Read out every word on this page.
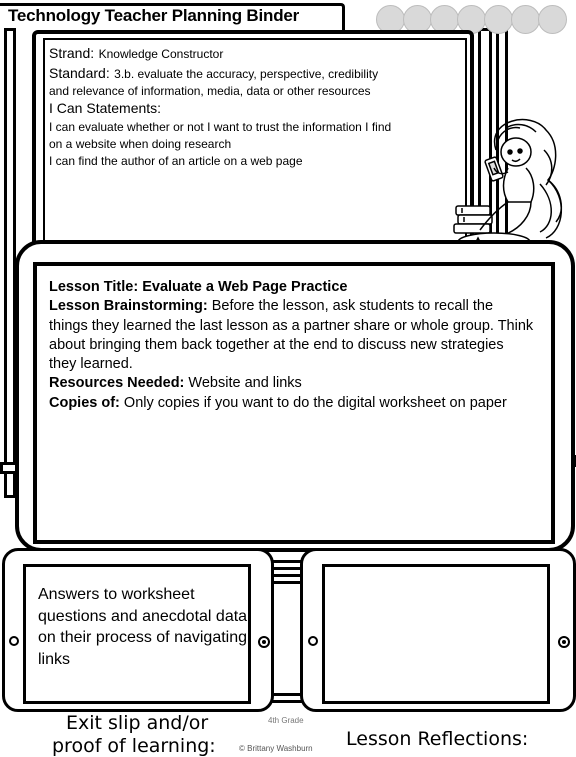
Technology Teacher Planning Binder
Strand: Knowledge Constructor
Standard: 3.b. evaluate the accuracy, perspective, credibility
and relevance of information, media, data or other resources
I Can Statements:
I can evaluate whether or not I want to trust the information I find
on a website when doing research
I can find the author of an article on a web page
Lesson Title: Evaluate a Web Page Practice
Lesson Brainstorming: Before the lesson, ask students to recall the things they learned the last lesson as a partner share or whole group. Think about bringing them back together at the end to discuss new strategies they learned.
Resources Needed: Website and links
Copies of: Only copies if you want to do the digital worksheet on paper
Answers to worksheet questions and anecdotal data on their process of navigating links
Exit slip and/or
proof of learning:	Lesson Reflections:
4th Grade
© Brittany Washburn
